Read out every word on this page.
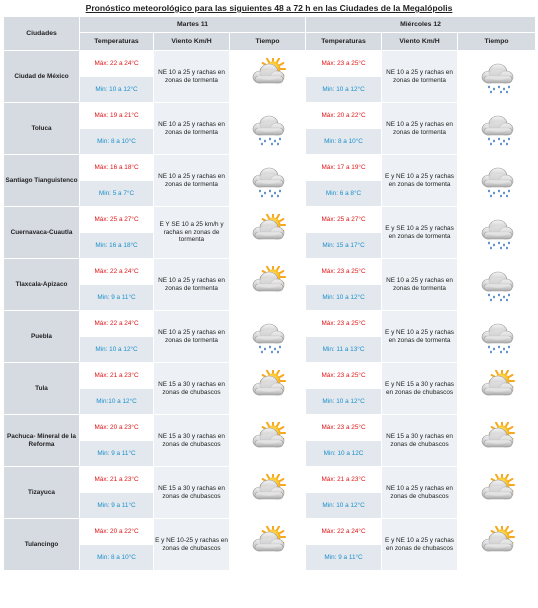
Pronóstico meteorológico para las siguientes 48 a 72 h en las Ciudades de la Megalópolis
Ciudades	Martes 11			Miércoles 12		
	Temperaturas	Viento Km/H	Tiempo	Temperaturas	Viento Km/H	Tiempo
Ciudad de México	Máx: 22 a 24°C	NE 10 a 25 y rachas en zonas de tormenta		Máx: 23 a 25°C	NE 10 a 25 y rachas en zonas de tormenta	

	Min: 10 a 12°C			Min: 10 a 12°C		
Toluca	Máx: 19 a 21°C	NE 10 a 25 y rachas en zonas de tormenta		Máx: 20 a 22°C	NE 10 a 25 y rachas en zonas de tormenta	

	Min: 8 a 10°C			Min: 8 a 10°C		
Santiago Tianguistenco	Máx: 16 a 18°C	NE 10 a 25 y rachas en zonas de tormenta		Máx: 17 a 19°C	E y NE 10 a 25 y rachas en zonas de tormenta	

	Min: 5 a 7°C			Min: 6 a 8°C		
Cuernavaca-Cuautla	Máx: 25 a 27°C	E Y SE 10 a 25 km/h y rachas en zonas de tormenta		Máx: 25 a 27°C	E y SE 10 a 25 y rachas en zonas de tormenta	

	Min: 16 a 18°C			Min: 15 a 17°C		
Tlaxcala-Apizaco	Máx: 22 a 24°C	NE 10 a 25 y rachas en zonas de tormenta		Máx: 23 a 25°C	NE 10 a 25 y rachas en zonas de tormenta	

	Min: 9 a 11°C			Min: 10 a 12°C		
Puebla	Máx: 22 a 24°C	NE 10 a 25 y rachas en zonas de tormenta		Máx: 23 a 25°C	E y NE 10 a 25 y rachas en zonas de tormenta	

	Min: 10 a 12°C			Min: 11 a 13°C		
Tula	Máx: 21 a 23°C	NE 15 a 30 y rachas en zonas de chubascos		Máx: 23 a 25°C	E y NE 15 a 30 y rachas en zonas de chubascos	

	Min:10 a 12°C			Min: 10 a 12°C		
Pachuca- Mineral de la Reforma	Máx: 20 a 23°C	NE 15 a 30 y rachas en zonas de chubascos		Máx: 23 a 25°C	NE 15 a 30 y rachas en zonas de chubascos	

	Min: 9 a 11°C			Min: 10 a 12C		
Tizayuca	Máx: 21 a 23°C	NE 15 a 30 y rachas en zonas de chubascos		Máx: 21 a 23°C	NE 10 a 25 y rachas en zonas de chubascos	

	Min: 9 a 11°C			Min: 10 a 12°C		
Tulancingo	Máx: 20 a 22°C	E y NE 10-25 y rachas en zonas de chubascos		Máx: 22 a 24°C	E y NE 10 a 25 y rachas en zonas de chubascos	

	Min: 8 a 10°C			Min: 9 a 11°C		
